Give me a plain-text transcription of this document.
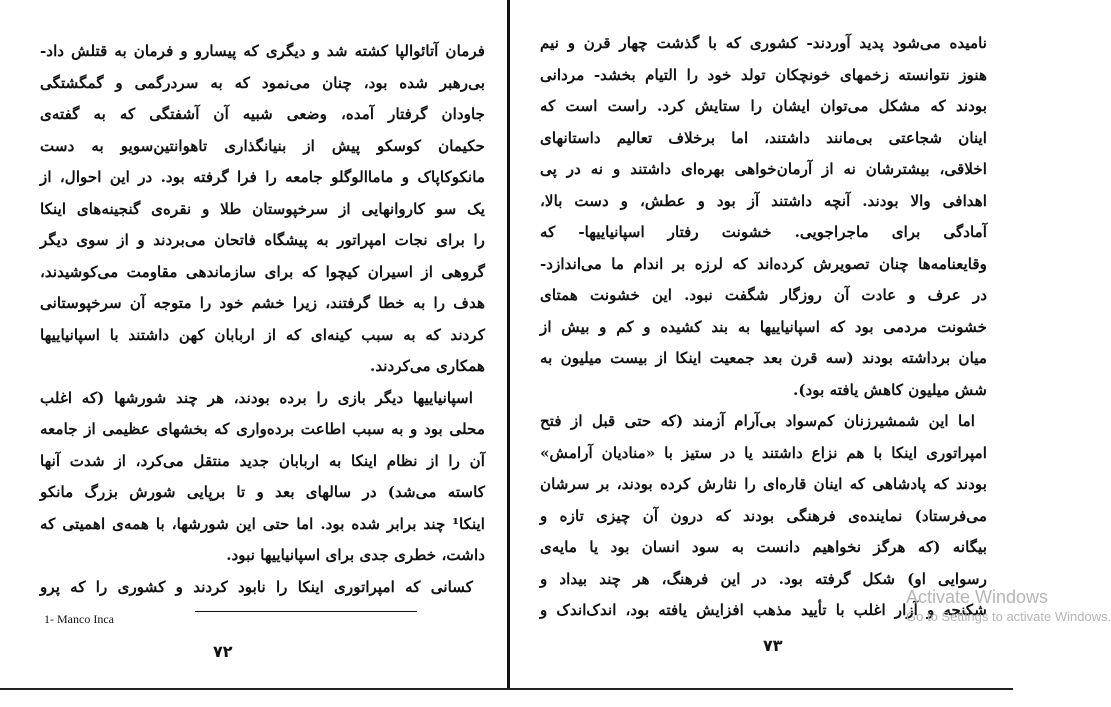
فرمان آتائوالپا کشته شد و دیگری که پیسارو و فرمان به قتلش داد-
بی‌رهبر شده بود، چنان می‌نمود که به سردرگمی و گمگشتگی
جاودان گرفتار آمده، وضعی شبیه آن آشفتگی که به گفته‌ی
حکیمان کوسکو پیش از بنیانگذاری تاهوانتین‌سویو به دست
مانکوکاپاک و ماماالوگلو جامعه را فرا گرفته بود. در این احوال، از
یک سو کاروانهایی از سرخپوستان طلا و نقره‌ی گنجینه‌های اینکا
را برای نجات امپراتور به پیشگاه فاتحان می‌بردند و از سوی دیگر
گروهی از اسیران کیچوا که برای سازماندهی مقاومت می‌کوشیدند،
هدف را به خطا گرفتند، زیرا خشم خود را متوجه آن سرخپوستانی
کردند که به سبب کینه‌ای که از اربابان کهن داشتند با اسپانیاییها
همکاری می‌کردند.
اسپانیاییها دیگر بازی را برده بودند، هر چند شورشها (که اغلب
محلی بود و به سبب اطاعت برده‌واری که بخشهای عظیمی از جامعه
آن را از نظام اینکا به اربابان جدید منتقل می‌کرد، از شدت آنها
کاسته می‌شد) در سالهای بعد و تا برپایی شورش بزرگ مانکو
اینکا¹ چند برابر شده بود. اما حتی این شورشها، با همه‌ی اهمیتی که
داشت، خطری جدی برای اسپانیاییها نبود.
کسانی که امپراتوری اینکا را نابود کردند و کشوری را که پرو
1- Manco Inca
۷۲
نامیده می‌شود پدید آوردند- کشوری که با گذشت چهار قرن و نیم
هنوز نتوانسته زخمهای خونچکان تولد خود را التیام بخشد- مردانی
بودند که مشکل می‌توان ایشان را ستایش کرد. راست است که
اینان شجاعتی بی‌مانند داشتند، اما برخلاف تعالیم داستانهای
اخلاقی، بیشترشان نه از آرمان‌خواهی بهره‌ای داشتند و نه در پی
اهدافی والا بودند. آنچه داشتند آز بود و عطش، و دست بالا،
آمادگی برای ماجراجویی. خشونت رفتار اسپانیاییها- که
وقایعنامه‌ها چنان تصویرش کرده‌اند که لرزه بر اندام ما می‌اندازد-
در عرف و عادت آن روزگار شگفت نبود. این خشونت همتای
خشونت مردمی بود که اسپانیاییها به بند کشیده و کم و بیش از
میان برداشته بودند (سه قرن بعد جمعیت اینکا از بیست میلیون به
شش میلیون کاهش یافته بود).
اما این شمشیرزنان کم‌سواد بی‌آرام آزمند (که حتی قبل از فتح
امپراتوری اینکا با هم نزاع داشتند یا در ستیز با «منادیان آرامش»
بودند که پادشاهی که اینان قاره‌ای را نثارش کرده بودند، بر سرشان
می‌فرستاد) نماینده‌ی فرهنگی بودند که درون آن چیزی تازه و
بیگانه (که هرگز نخواهیم دانست به سود انسان بود یا مایه‌ی
رسوایی او) شکل گرفته بود. در این فرهنگ، هر چند بیداد و
شکنجه و آزار اغلب با تأیید مذهب افزایش یافته بود، اندک‌اندک و
۷۳
Activate Windows
Go to Settings to activate Windows.
